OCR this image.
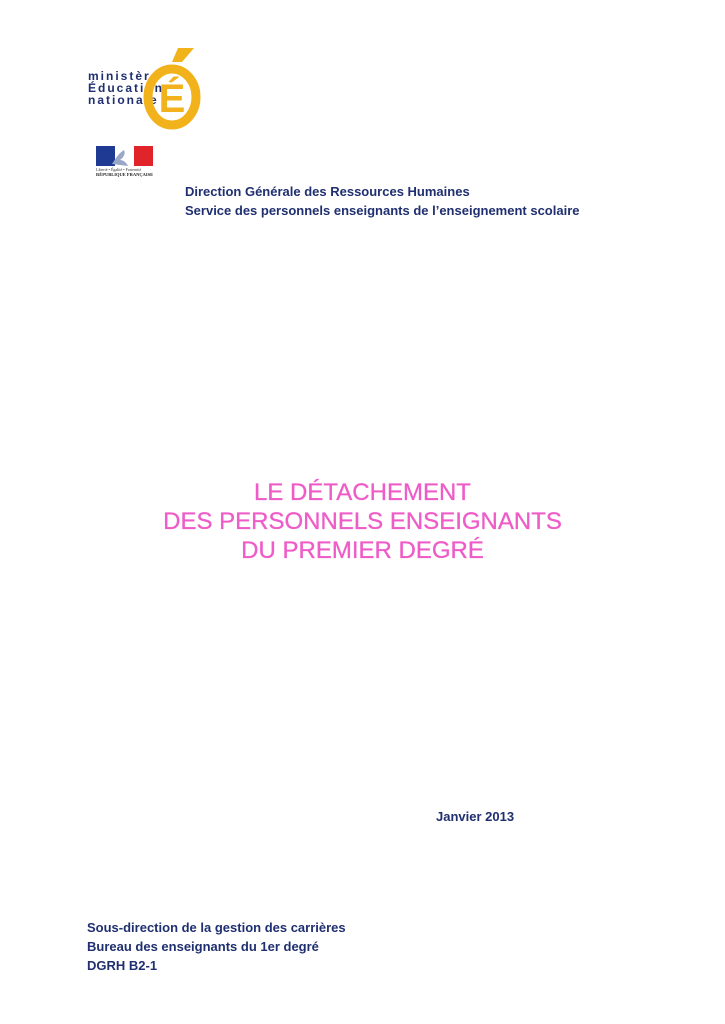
ministère
Éducation
nationale É
Liberté • Égalité • Fraternité
RÉPUBLIQUE FRANÇAISE
Direction Générale des Ressources Humaines
Service des personnels enseignants de l’enseignement scolaire
LE DÉTACHEMENT
DES PERSONNELS ENSEIGNANTS
DU PREMIER DEGRÉ
Janvier 2013
Sous-direction de la gestion des carrières
Bureau des enseignants du 1er degré
DGRH B2-1
